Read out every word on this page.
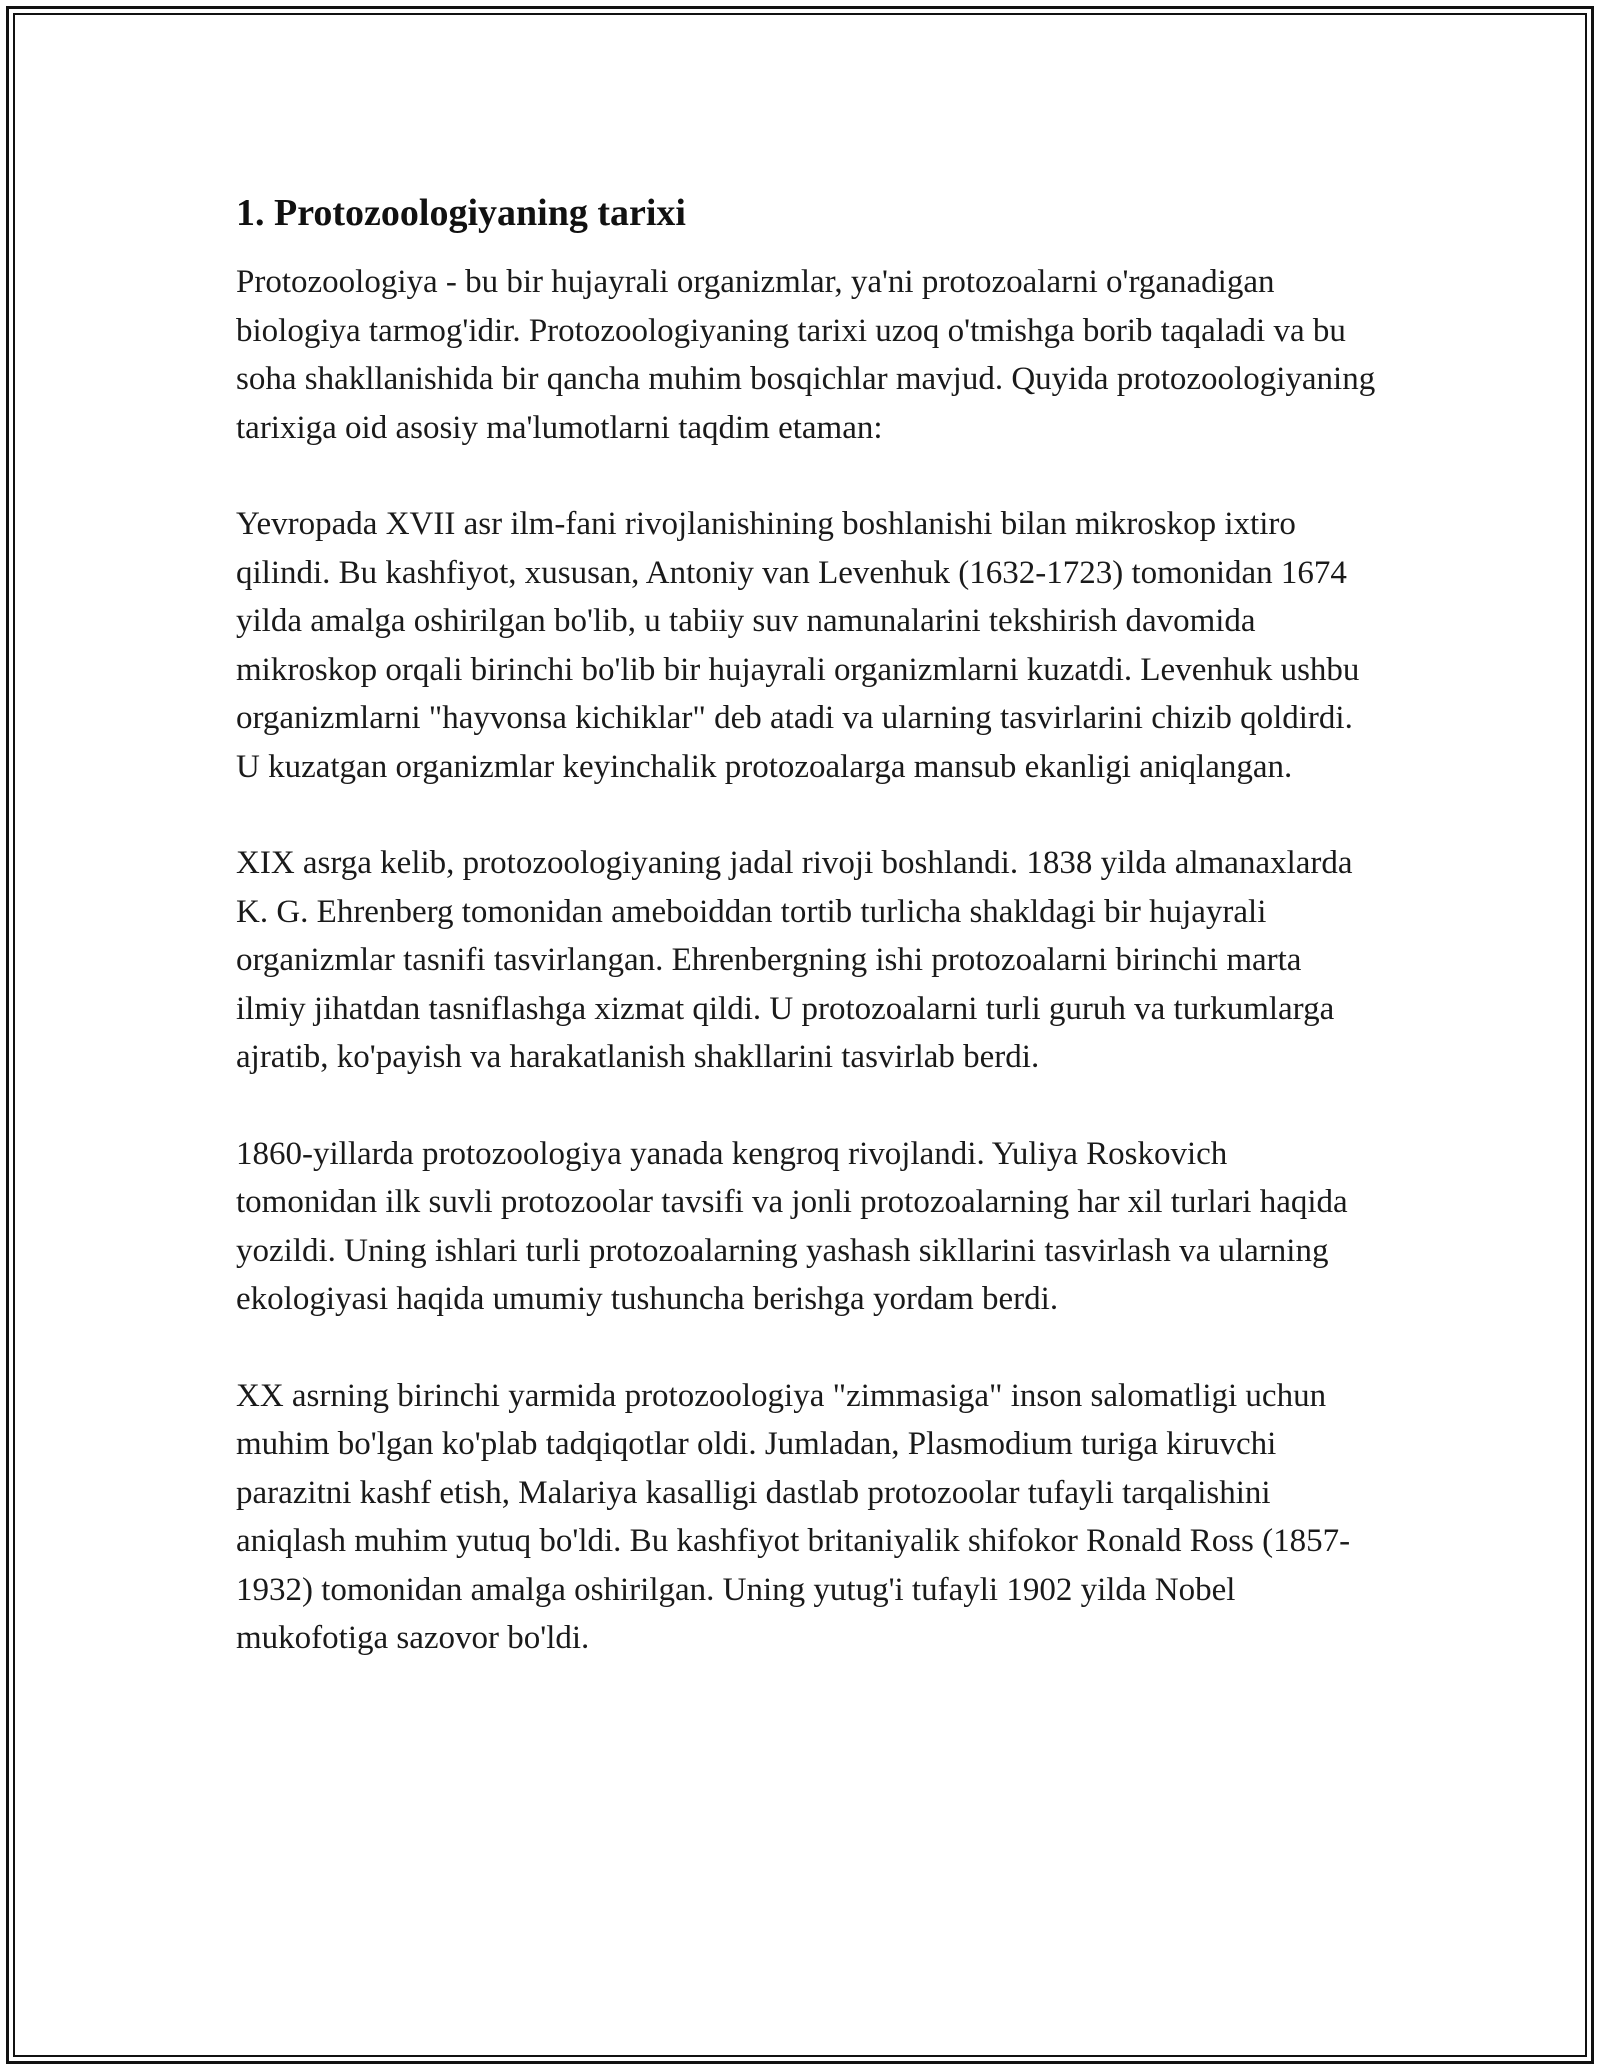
1. Protozoologiyaning tarixi

Protozoologiya - bu bir hujayrali organizmlar, ya'ni protozoalarni o'rganadigan biologiya tarmog'idir. Protozoologiyaning tarixi uzoq o'tmishga borib taqaladi va bu soha shakllanishida bir qancha muhim bosqichlar mavjud. Quyida protozoologiyaning tarixiga oid asosiy ma'lumotlarni taqdim etaman:

Yevropada XVII asr ilm-fani rivojlanishining boshlanishi bilan mikroskop ixtiro qilindi. Bu kashfiyot, xususan, Antoniy van Levenhuk (1632-1723) tomonidan 1674 yilda amalga oshirilgan bo'lib, u tabiiy suv namunalarini tekshirish davomida mikroskop orqali birinchi bo'lib bir hujayrali organizmlarni kuzatdi. Levenhuk ushbu organizmlarni "hayvonsa kichiklar" deb atadi va ularning tasvirlarini chizib qoldirdi. U kuzatgan organizmlar keyinchalik protozoalarga mansub ekanligi aniqlangan.

XIX asrga kelib, protozoologiyaning jadal rivoji boshlandi. 1838 yilda almanaxlarda K. G. Ehrenberg tomonidan ameboiddan tortib turlicha shakldagi bir hujayrali organizmlar tasnifi tasvirlangan. Ehrenbergning ishi protozoalarni birinchi marta ilmiy jihatdan tasniflashga xizmat qildi. U protozoalarni turli guruh va turkumlarga ajratib, ko'payish va harakatlanish shakllarini tasvirlab berdi.

1860-yillarda protozoologiya yanada kengroq rivojlandi. Yuliya Roskovich tomonidan ilk suvli protozoolar tavsifi va jonli protozoalarning har xil turlari haqida yozildi. Uning ishlari turli protozoalarning yashash sikllarini tasvirlash va ularning ekologiyasi haqida umumiy tushuncha berishga yordam berdi.

XX asrning birinchi yarmida protozoologiya "zimmasiga" inson salomatligi uchun muhim bo'lgan ko'plab tadqiqotlar oldi. Jumladan, Plasmodium turiga kiruvchi parazitni kashf etish, Malariya kasalligi dastlab protozoolar tufayli tarqalishini aniqlash muhim yutuq bo'ldi. Bu kashfiyot britaniyalik shifokor Ronald Ross (1857-1932) tomonidan amalga oshirilgan. Uning yutug'i tufayli 1902 yilda Nobel mukofotiga sazovor bo'ldi.
